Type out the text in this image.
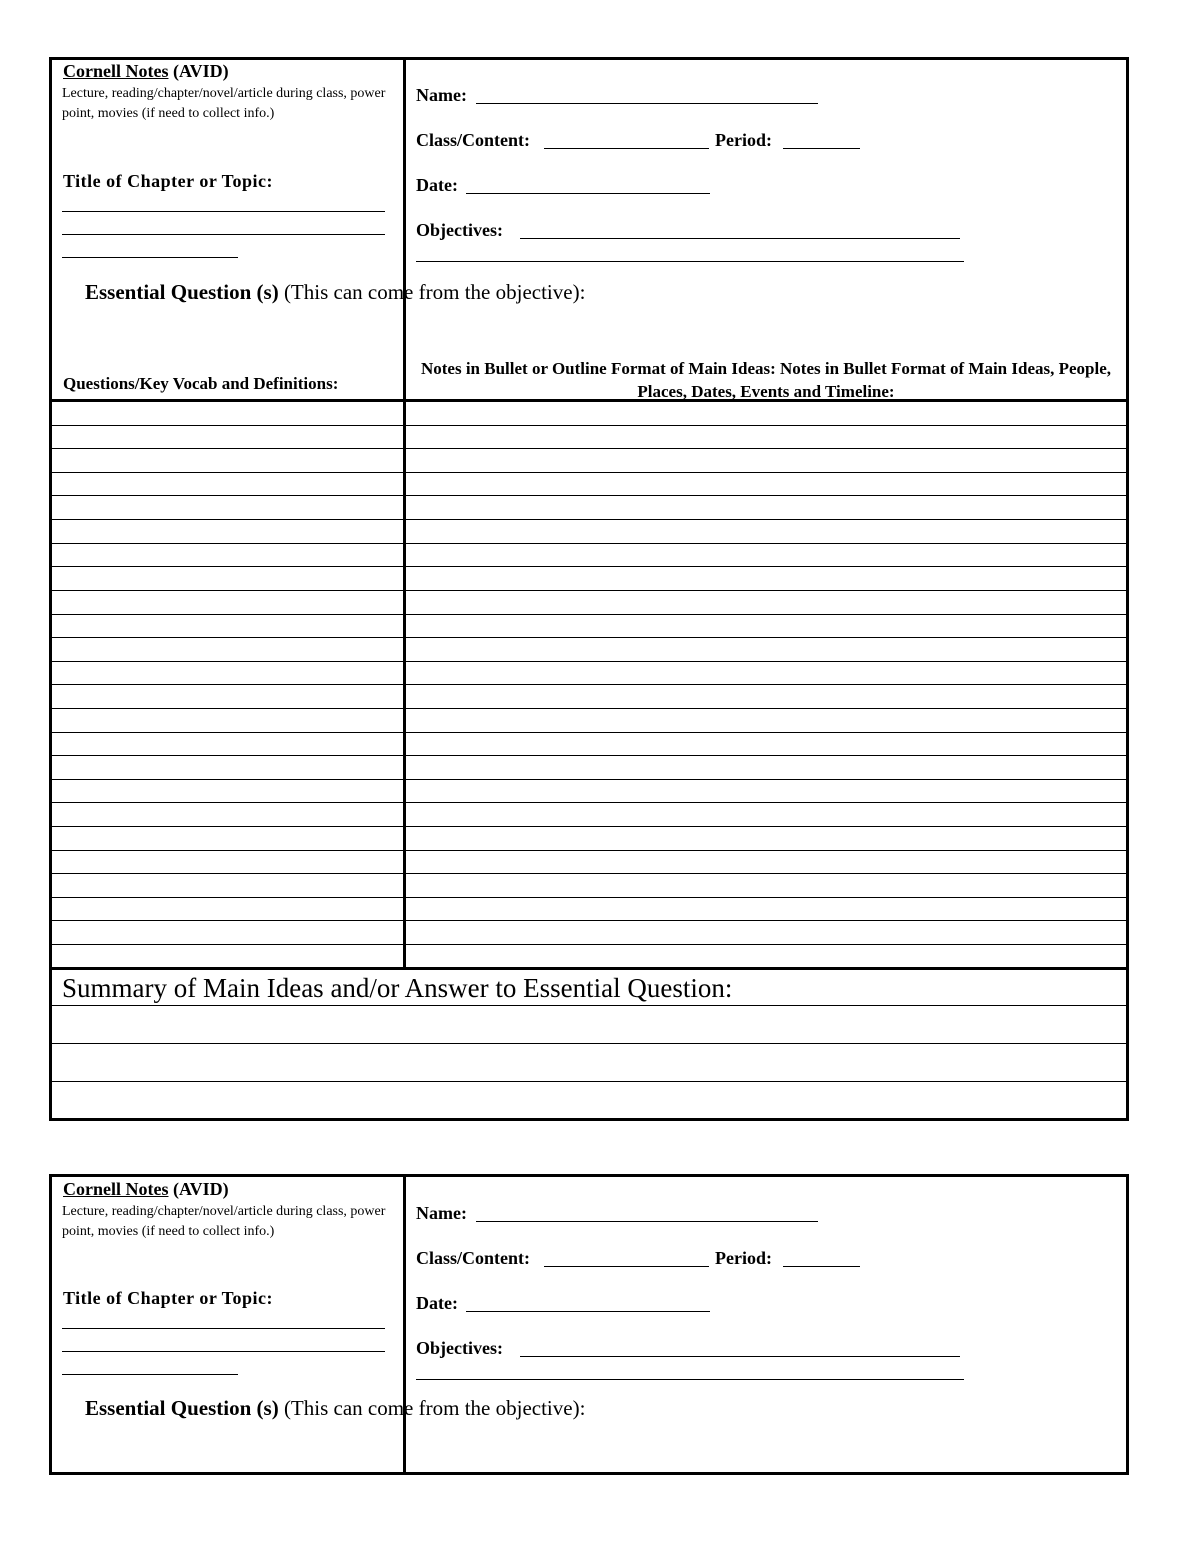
Cornell Notes (AVID)
Lecture, reading/chapter/novel/article during class, power point, movies (if need to collect info.)
Title of Chapter or Topic:
Name:
Class/Content:	Period:
Date:
Objectives:
Essential Question (s) (This can come from the objective):
Questions/Key Vocab and Definitions:
Notes in Bullet or Outline Format of Main Ideas: Notes in Bullet Format of Main Ideas, People, Places, Dates, Events and Timeline:
Summary of Main Ideas and/or Answer to Essential Question:
Cornell Notes (AVID)
Lecture, reading/chapter/novel/article during class, power point, movies (if need to collect info.)
Title of Chapter or Topic:
Name:
Class/Content:	Period:
Date:
Objectives:
Essential Question (s) (This can come from the objective):
